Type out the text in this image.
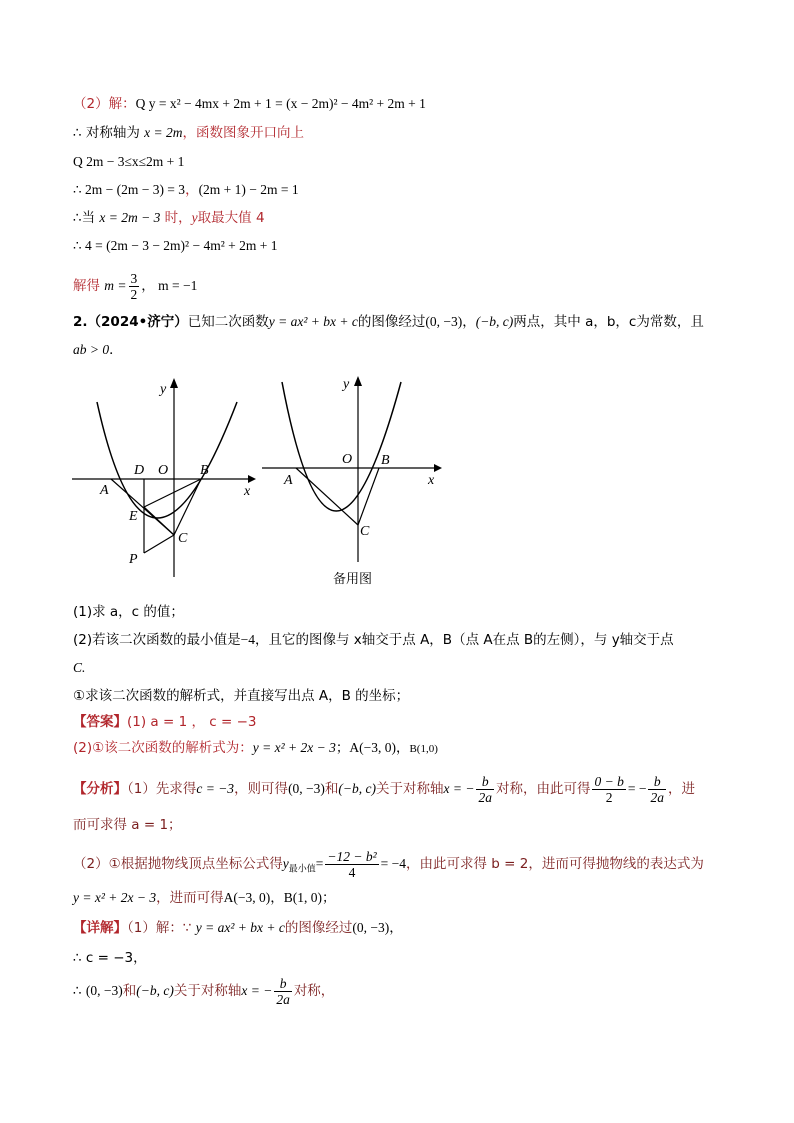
（2）解：Q y = x² − 4mx + 2m + 1 = (x − 2m)² − 4m² + 2m + 1
∴ 对称轴为 x = 2m，函数图象开口向上
Q 2m − 3≤x≤2m + 1
∴ 2m − (2m − 3) = 3，(2m + 1) − 2m = 1
∴当 x = 2m − 3 时，y取最大值 4
∴ 4 = (2m − 3 − 2m)² − 4m² + 2m + 1
解得 $m = \frac{3}{2}$ ， m = −1
2.（2024•济宁）已知二次函数y = ax² + bx + c的图像经过(0, −3)，(−b, c)两点，其中 a，b，c为常数，且
ab > 0．
y
x
D O B
A
E
C
P
y
x
O B
A
C
备用图
(1)求 a，c 的值；
(2)若该二次函数的最小值是−4，且它的图像与 x轴交于点 A，B（点 A在点 B的左侧），与 y轴交于点
C.
①求该二次函数的解析式，并直接写出点 A，B 的坐标；
【答案】(1) a = 1 ， c = −3
(2)①该二次函数的解析式为：y = x² + 2x − 3；A(−3, 0)，B(1,0)
【分析】（1）先求得c = −3，则可得(0, −3)和(−b, c)关于对称轴x = − $\frac{b}{2a}$ 对称，由此可得 $\frac{0 - b}{2}$ = − $\frac{b}{2a}$ ，进
而可求得 a = 1；
（2）①根据抛物线顶点坐标公式得$y_{最小值}= \frac{\text{−12 − b²}}{4} = -4$，由此可求得 b = 2，进而可得抛物线的表达式为
y = x² + 2x − 3，进而可得A(−3, 0)，B(1, 0)；
【详解】（1）解：∵ y = ax² + bx + c的图像经过(0, −3)，
∴ c = −3，
∴ (0, −3)和(−b, c)关于对称轴x = − $\frac{b}{2a}$ 对称，
